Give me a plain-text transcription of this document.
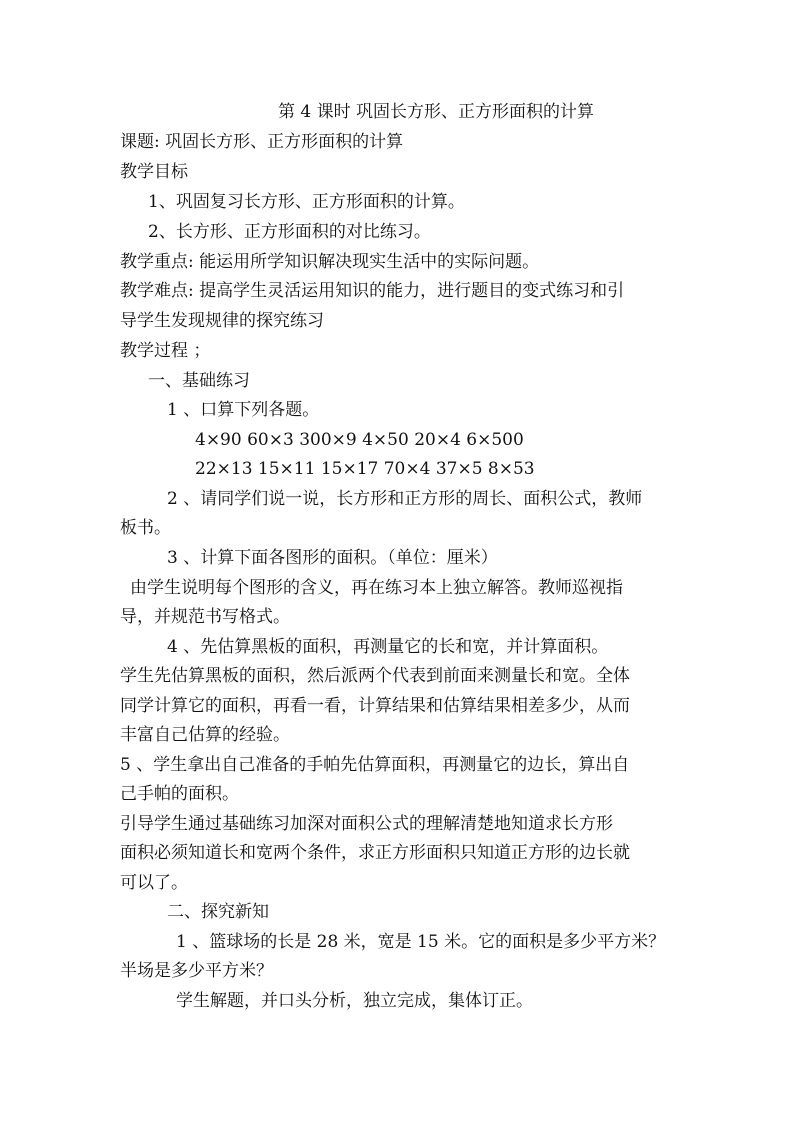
第 4 课时 巩固长方形、正方形面积的计算
课题: 巩固长方形、正方形面积的计算
教学目标
1、巩固复习长方形、正方形面积的计算。
2、长方形、正方形面积的对比练习。
教学重点: 能运用所学知识解决现实生活中的实际问题。
教学难点: 提高学生灵活运用知识的能力，进行题目的变式练习和引
导学生发现规律的探究练习
教学过程 ；
一、基础练习
1 、口算下列各题。
4×90 60×3 300×9 4×50 20×4 6×500
22×13 15×11 15×17 70×4 37×5 8×53
2 、请同学们说一说，长方形和正方形的周长、面积公式，教师
板书。
3 、计算下面各图形的面积。（单位：厘米）
由学生说明每个图形的含义，再在练习本上独立解答。教师巡视指
导，并规范书写格式。
4 、先估算黑板的面积，再测量它的长和宽，并计算面积。
学生先估算黑板的面积，然后派两个代表到前面来测量长和宽。全体
同学计算它的面积，再看一看，计算结果和估算结果相差多少，从而
丰富自己估算的经验。
5 、学生拿出自己准备的手帕先估算面积，再测量它的边长，算出自
己手帕的面积。
引导学生通过基础练习加深对面积公式的理解清楚地知道求长方形
面积必须知道长和宽两个条件，求正方形面积只知道正方形的边长就
可以了。
二、探究新知
1 、篮球场的长是 28 米，宽是 15 米。它的面积是多少平方米？
半场是多少平方米？
学生解题，并口头分析，独立完成，集体订正。
